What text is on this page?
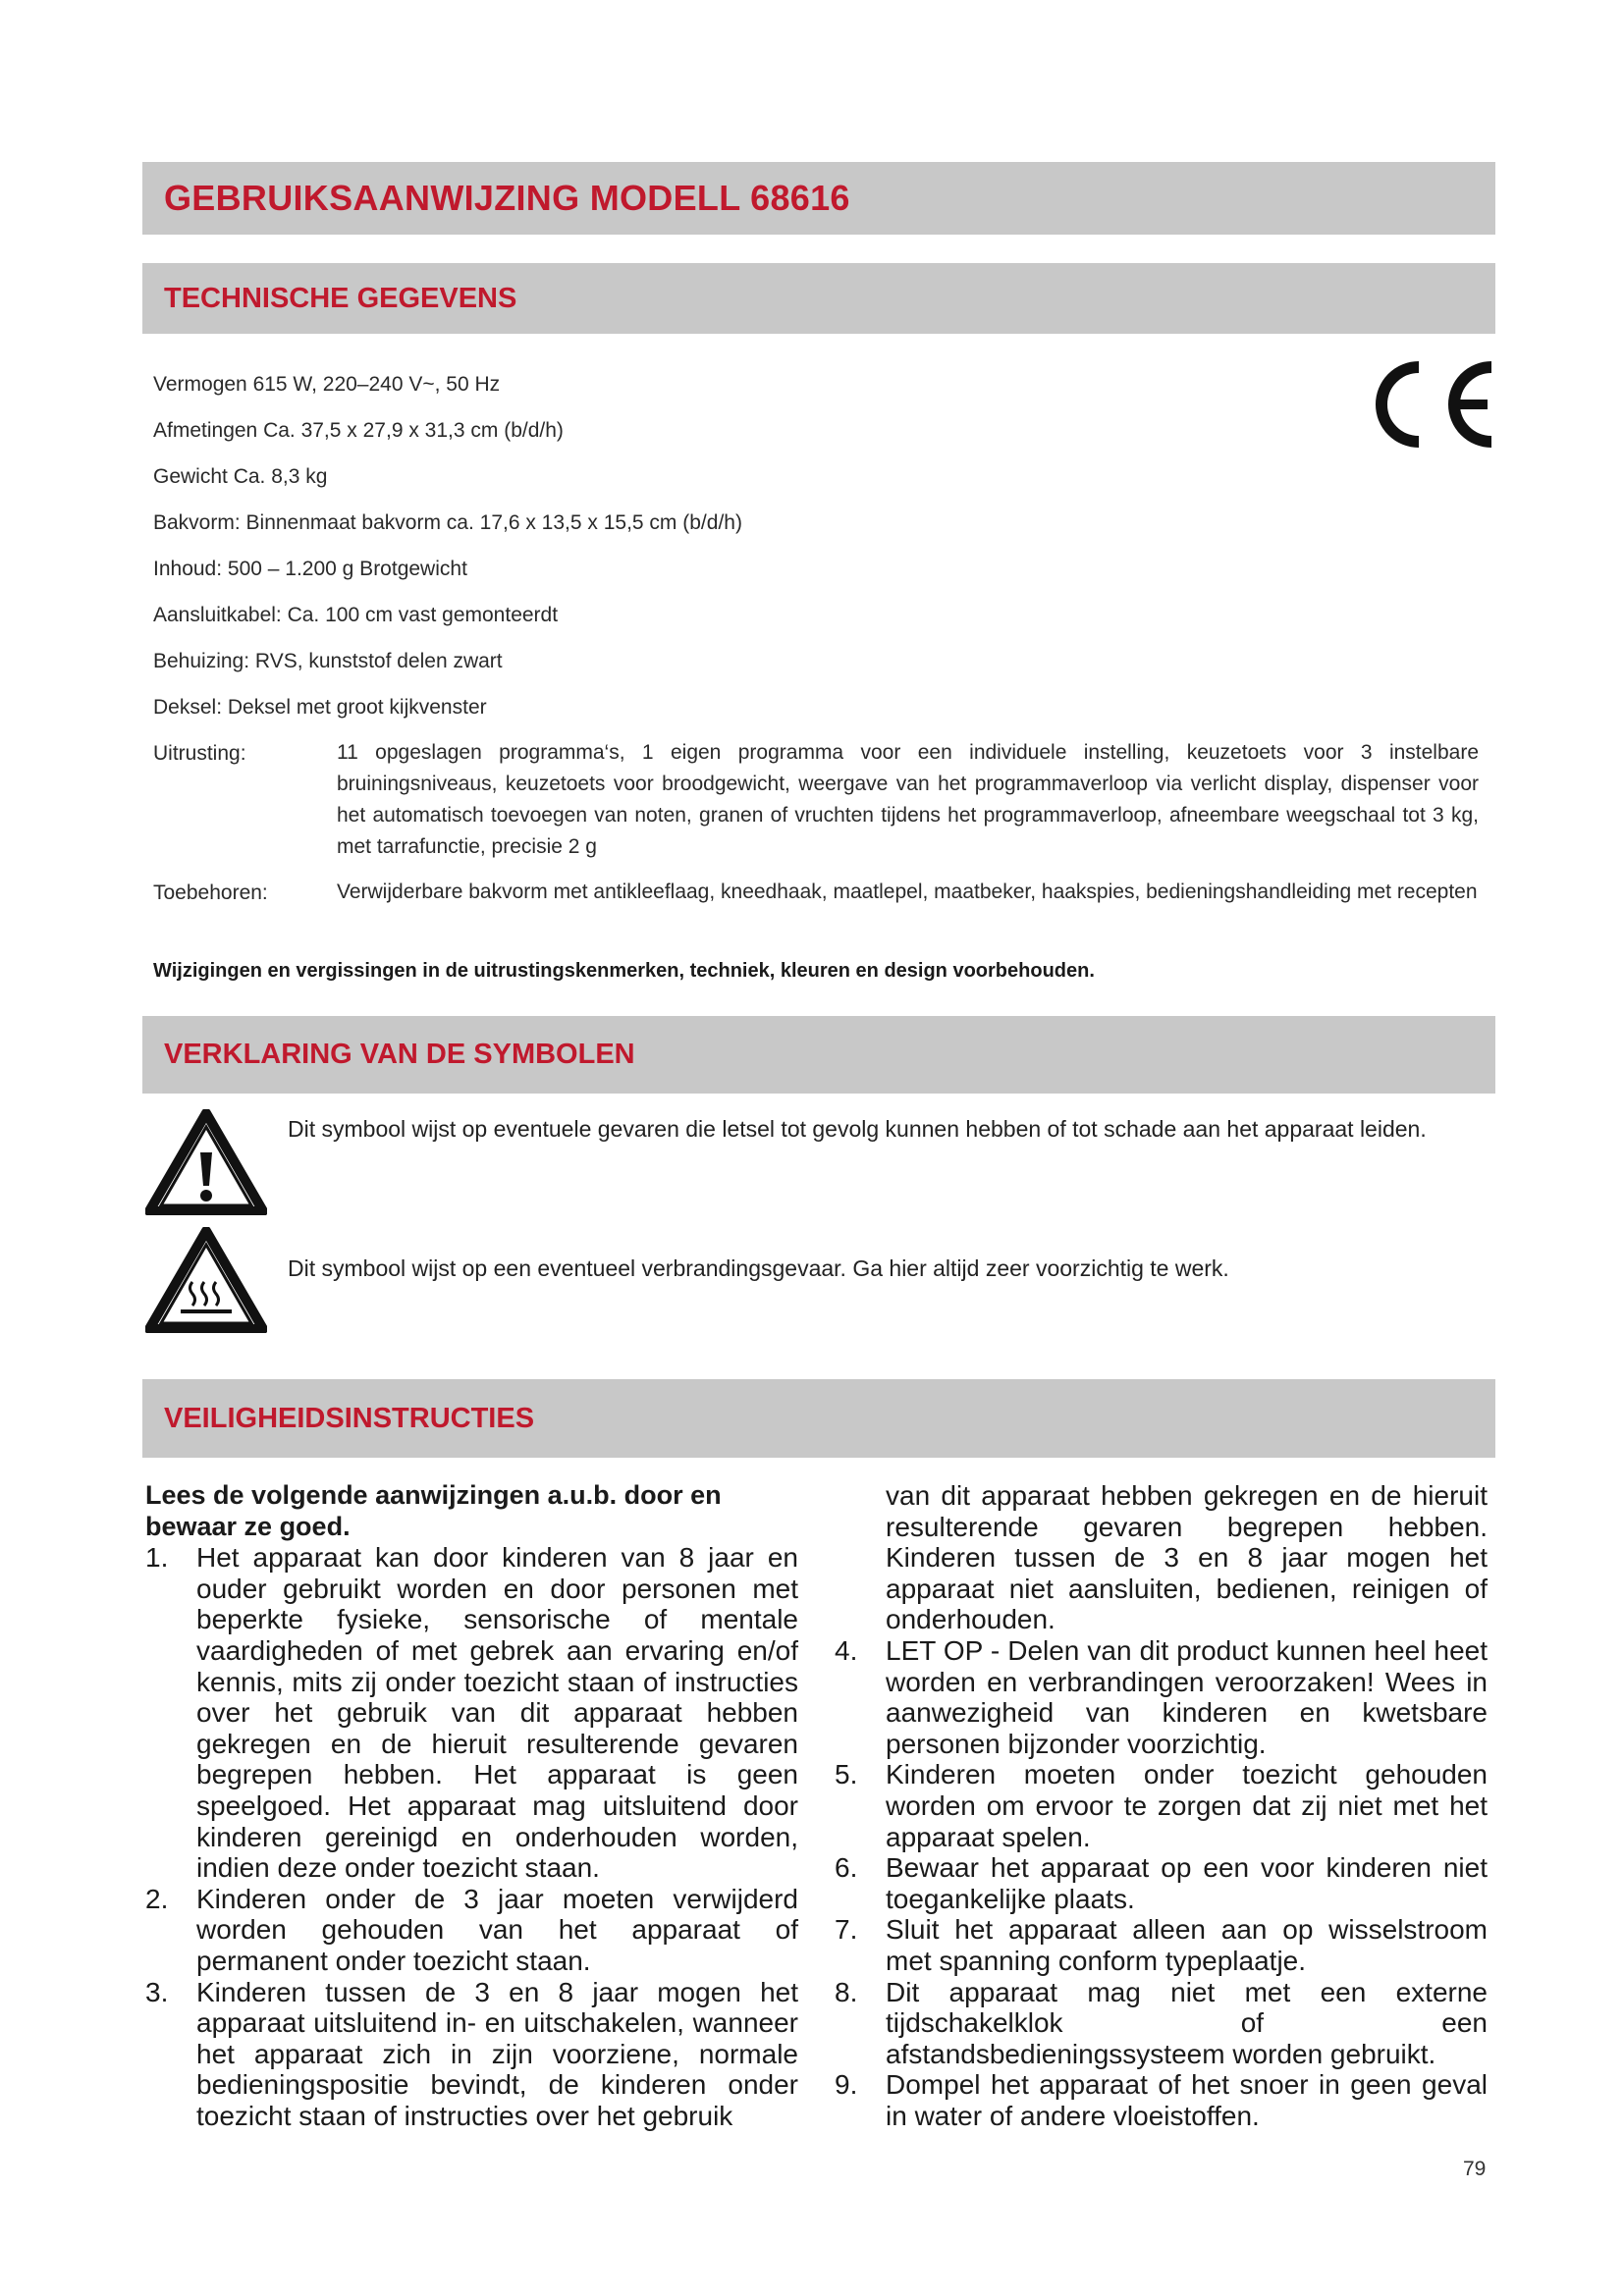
GEBRUIKSAANWIJZING MODELL 68616
TECHNISCHE GEGEVENS
Vermogen 615 W, 220–240 V~, 50 Hz
Afmetingen Ca. 37,5 x 27,9 x 31,3 cm (b/d/h)
Gewicht Ca. 8,3 kg
Bakvorm: Binnenmaat bakvorm ca. 17,6 x 13,5 x 15,5 cm (b/d/h)
Inhoud: 500 – 1.200 g Brotgewicht
Aansluitkabel: Ca. 100 cm vast gemonteerdt
Behuizing: RVS, kunststof delen zwart
Deksel: Deksel met groot kijkvenster
Uitrusting:	11 opgeslagen programma‘s, 1 eigen programma voor een individuele instelling, keuzetoets voor 3 instelbare bruiningsniveaus, keuzetoets voor broodgewicht, weergave van het programmaverloop via verlicht display, dispenser voor het automatisch toevoegen van noten, granen of vruchten tijdens het programmaverloop, afneembare weegschaal tot 3 kg, met tarrafunctie, precisie 2 g
Toebehoren:	Verwijderbare bakvorm met antikleeflaag, kneedhaak, maatlepel, maatbeker, haakspies, bedieningshandleiding met recepten
Wijzigingen en vergissingen in de uitrustingskenmerken, techniek, kleuren en design voorbehouden.
VERKLARING VAN DE SYMBOLEN
Dit symbool wijst op eventuele gevaren die letsel tot gevolg kunnen hebben of tot schade aan het apparaat leiden.
Dit symbool wijst op een eventueel verbrandingsgevaar. Ga hier altijd zeer voorzichtig te werk.
VEILIGHEIDSINSTRUCTIES
Lees de volgende aanwijzingen a.u.b. door en bewaar ze goed.
1. Het apparaat kan door kinderen van 8 jaar en ouder gebruikt worden en door personen met beperkte fysieke, sensorische of mentale vaardigheden of met gebrek aan ervaring en/of kennis, mits zij onder toezicht staan of instructies over het gebruik van dit apparaat hebben gekregen en de hieruit resulterende gevaren begrepen hebben. Het apparaat is geen speelgoed. Het apparaat mag uitsluitend door kinderen gereinigd en onderhouden worden, indien deze onder toezicht staan.
2. Kinderen onder de 3 jaar moeten verwijderd worden gehouden van het apparaat of permanent onder toezicht staan.
3. Kinderen tussen de 3 en 8 jaar mogen het apparaat uitsluitend in- en uitschakelen, wanneer het apparaat zich in zijn voorziene, normale bedieningspositie bevindt, de kinderen onder toezicht staan of instructies over het gebruik
van dit apparaat hebben gekregen en de hieruit resulterende gevaren begrepen hebben. Kinderen tussen de 3 en 8 jaar mogen het apparaat niet aansluiten, bedienen, reinigen of onderhouden.
4. LET OP - Delen van dit product kunnen heel heet worden en verbrandingen veroorzaken! Wees in aanwezigheid van kinderen en kwetsbare personen bijzonder voorzichtig.
5. Kinderen moeten onder toezicht gehouden worden om ervoor te zorgen dat zij niet met het apparaat spelen.
6. Bewaar het apparaat op een voor kinderen niet toegankelijke plaats.
7. Sluit het apparaat alleen aan op wisselstroom met spanning conform typeplaatje.
8. Dit apparaat mag niet met een externe tijdschakelklok of een afstandsbedieningssysteem worden gebruikt.
9. Dompel het apparaat of het snoer in geen geval in water of andere vloeistoffen.
79
